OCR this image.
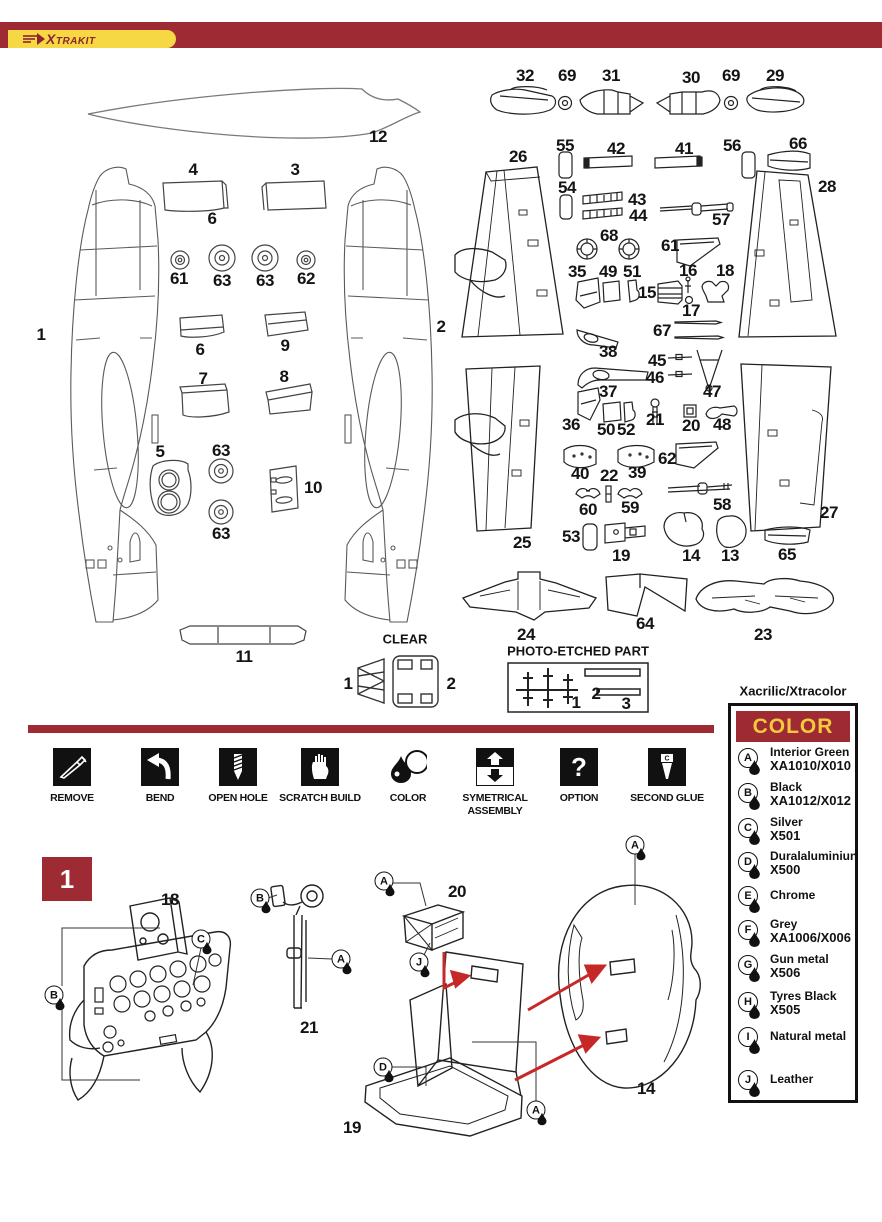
XTRAKIT
12
4	3
6
61 63 63 62
1	2
6	9
7	8
5	63
10
63
11
1	2
32 69 31	30 69 29
26
55 42	41 56	66
28
54
43
44	57
68
61
35 49 51
15
16 18
17
67
38 45
46
47
37
36 50 52
21 20 48
62
40 22 39
60 59	58
53
19	14 13 65
25
27
24
64
23
1 2
3
18
21
20
19
14
REMOVE	BEND	OPEN HOLE	SCRATCH BUILD	COLOR	SYMETRICAL ASSEMBLY
?
OPTION
C
SECOND GLUE
Xacrilic/Xtracolor
COLOR
A	Interior Green
XA1010/X010
B	Black
XA1012/X012
C	Silver
X501
D	Duralaluminiun
X500
E	Chrome
F	Grey
XA1006/X006
G	Gun metal
X506
H	Tyres Black
X505
I	Natural metal
J	Leather
1
C
B
B
A
A
J
D
A
A
CLEAR
PHOTO-ETCHED PART
